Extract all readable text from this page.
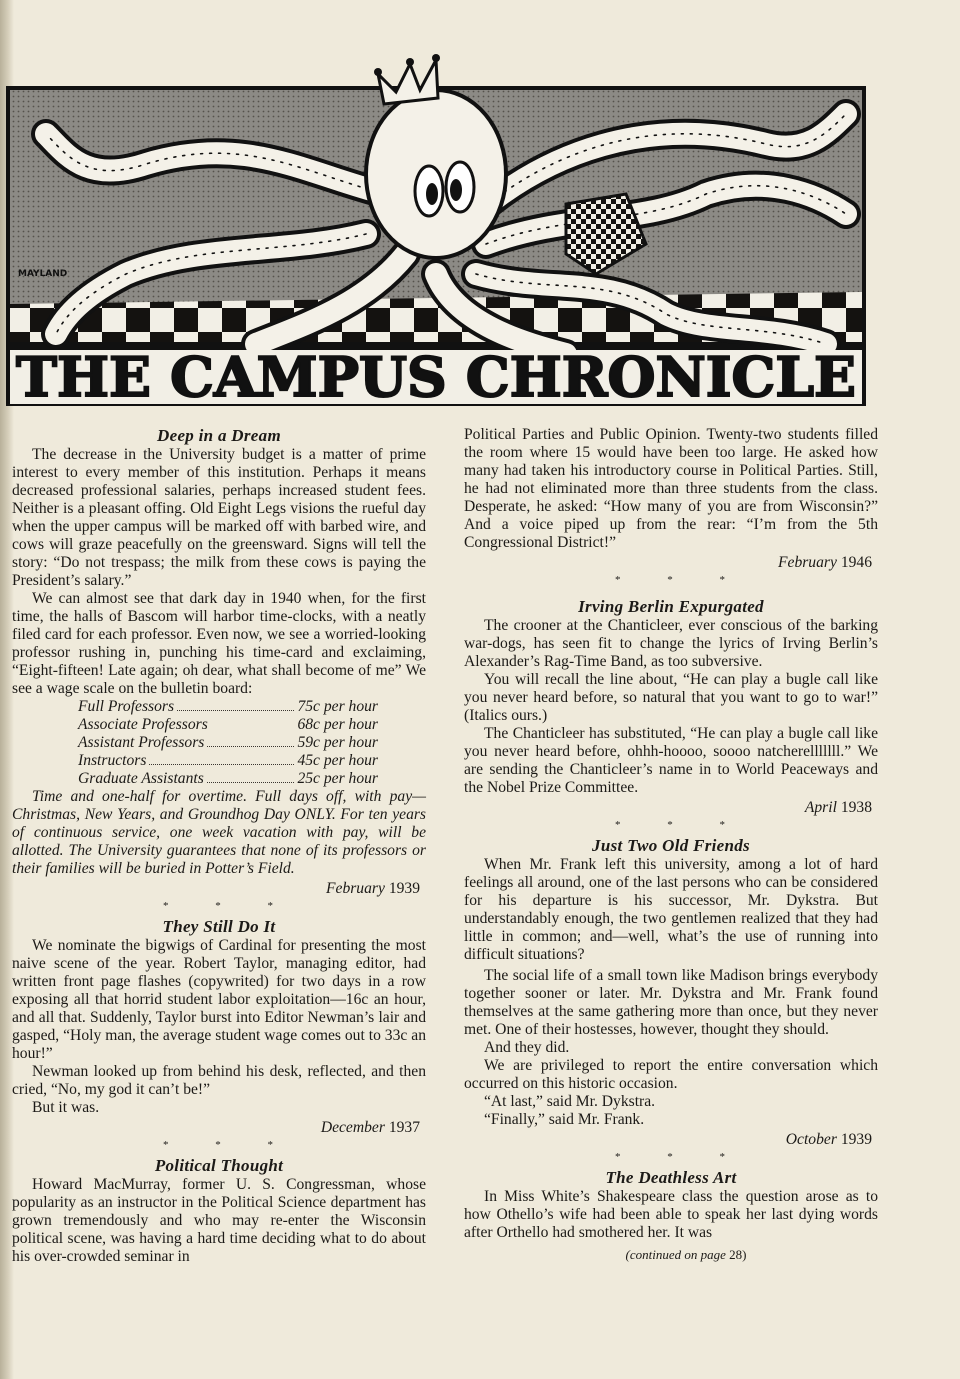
MAYLAND
THE CAMPUS CHRONICLE
Deep in a Dream

The decrease in the University budget is a matter of prime interest to every member of this institution. Perhaps it means decreased professional salaries, perhaps increased student fees. Neither is a pleasant offing. Old Eight Legs visions the rueful day when the upper campus will be marked off with barbed wire, and cows will graze peacefully on the greensward. Signs will tell the story: “Do not trespass; the milk from these cows is paying the President’s salary.”

We can almost see that dark day in 1940 when, for the first time, the halls of Bascom will harbor time-clocks, with a neatly filed card for each professor. Even now, we see a worried-looking professor rushing in, punching his time-card and exclaiming, “Eight-fifteen! Late again; oh dear, what shall become of me” We see a wage scale on the bulletin board:

Full Professors	75c per hour
Associate Professors	68c per hour
Assistant Professors	59c per hour
Instructors	45c per hour
Graduate Assistants	25c per hour

Time and one-half for overtime. Full days off, with pay—Christmas, New Years, and Groundhog Day ONLY. For ten years of continuous service, one week vacation with pay, will be allotted. The University guarantees that none of its professors or their families will be buried in Potter’s Field.

February 1939
* * *
They Still Do It

We nominate the bigwigs of Cardinal for presenting the most naive scene of the year. Robert Taylor, managing editor, had written front page flashes (copywrited) for two days in a row exposing all that horrid student labor exploitation—16c an hour, and all that. Suddenly, Taylor burst into Editor Newman’s lair and gasped, “Holy man, the average student wage comes out to 33c an hour!”

Newman looked up from behind his desk, reflected, and then cried, “No, my god it can’t be!”

But it was.

December 1937
* * *
Political Thought

Howard MacMurray, former U. S. Congressman, whose popularity as an instructor in the Political Science department has grown tremendously and who may re-enter the Wisconsin political scene, was having a hard time deciding what to do about his over-crowded seminar in

Political Parties and Public Opinion. Twenty-two students filled the room where 15 would have been too large. He asked how many had taken his introductory course in Political Parties. Still, he had not eliminated more than three students from the class. Desperate, he asked: “How many of you are from Wisconsin?” And a voice piped up from the rear: “I’m from the 5th Congressional District!”

February 1946
* * *
Irving Berlin Expurgated

The crooner at the Chanticleer, ever conscious of the barking war-dogs, has seen fit to change the lyrics of Irving Berlin’s Alexander’s Rag-Time Band, as too subversive.

You will recall the line about, “He can play a bugle call like you never heard before, so natural that you want to go to war!” (Italics ours.)

The Chanticleer has substituted, “He can play a bugle call like you never heard before, ohhh-hoooo, soooo natcherelllllll.” We are sending the Chanticleer’s name in to World Peaceways and the Nobel Prize Committee.

April 1938
* * *
Just Two Old Friends

When Mr. Frank left this university, among a lot of hard feelings all around, one of the last persons who can be considered for his departure is his successor, Mr. Dykstra. But understandably enough, the two gentlemen realized that they had little in common; and—well, what’s the use of running into difficult situations?

The social life of a small town like Madison brings everybody together sooner or later. Mr. Dykstra and Mr. Frank found themselves at the same gathering more than once, but they never met. One of their hostesses, however, thought they should.

And they did.

We are privileged to report the entire conversation which occurred on this historic occasion.

“At last,” said Mr. Dykstra.

“Finally,” said Mr. Frank.

October 1939
* * *
The Deathless Art

In Miss White’s Shakespeare class the question arose as to how Othello’s wife had been able to speak her last dying words after Orthello had smothered her. It was

(continued on page 28)
